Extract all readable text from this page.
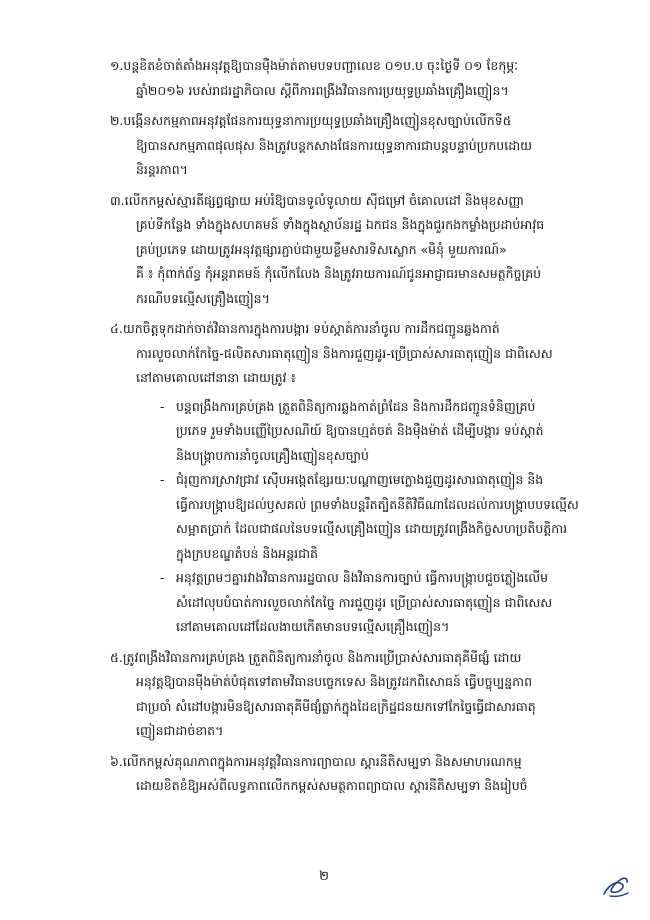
១.បន្តខិតខំចាត់តាំងអនុវត្តឱ្យបានម៉ឺងម៉ាត់តាមបទបញ្ជាលេខ ០១ប.ប ចុះថ្ងៃទី ០១ ខែកុម្ភៈ
ឆ្នាំ២០១៦ របស់រាជរដ្ឋាភិបាល ស្តីពីការពង្រឹងវិធានការប្រយុទ្ធប្រឆាំងគ្រឿងញៀន។

២.បង្កើនសកម្មភាពអនុវត្តផែនការយុទ្ធនាការប្រយុទ្ធប្រឆាំងគ្រឿងញៀនខុសច្បាប់លើកទី៥
ឱ្យបានសកម្មភាពផុលផុស និងត្រូវបន្តកសាងផែនការយុទ្ធនាការជាបន្តបន្ទាប់ប្រកបដោយ
និរន្តរភាព។

៣.លើកកម្ពស់ស្មារតីផ្សព្វផ្សាយ អប់រំឱ្យបានទូលំទូលាយ ស៊ីជម្រៅ ចំគោលដៅ និងមុខសញ្ញា
គ្រប់ទីកន្លែង ទាំងក្នុងសហគមន៍ ទាំងក្នុងស្ថាប័នរដ្ឋ ឯកជន និងក្នុងជួរកងកម្លាំងប្រដាប់អាវុធ
គ្រប់ប្រភេទ ដោយត្រូវអនុវត្តផ្សារភ្ជាប់ជាមួយខ្លឹមសារទិសស្លោក «មិនុំ មួយការណ៍»
គឺ ៖ កុំពាក់ព័ន្ធ កុំអន្តរាគមន៍ កុំលើកលែង និងត្រូវរាយការណ៍ជូនអាជ្ញាធរមានសមត្ថកិច្ចគ្រប់
ករណីបទល្មើសគ្រឿងញៀន។

៤.យកចិត្តទុកដាក់ចាត់វិធានការក្នុងការបង្ការ ទប់ស្កាត់ការនាំចូល ការដឹកជញ្ជូនឆ្លងកាត់
ការលួចលាក់កែច្នៃ-ផលិតសារធាតុញៀន និងការជួញដូរ-ប្រើប្រាស់សារធាតុញៀន ជាពិសេស
នៅតាមគោលដៅនានា ដោយត្រូវ ៖

- បន្តពង្រឹងការគ្រប់គ្រង ត្រួតពិនិត្យការឆ្លងកាត់ព្រំដែន និងការដឹកជញ្ជូនទំនិញគ្រប់
ប្រភេទ រួមទាំងបញ្ញើប្រៃសណីយ៍ ឱ្យបានហ្មត់ចត់ និងម៉ឺងម៉ាត់ ដើម្បីបង្ការ ទប់ស្កាត់
និងបង្ក្រាបការនាំចូលគ្រឿងញៀនខុសច្បាប់
- ជំរុញការស្រាវជ្រាវ ស៊ើបអង្កេតខ្សែរយៈបណ្តាញមេក្លោងជួញដូរសារធាតុញៀន និង
ធ្វើការបង្ក្រាបឱ្យដល់ឫសគល់ ព្រមទាំងបន្តរឹតត្បិតនីតិវិធីណាដែលដល់ការបង្ក្រាបបទល្មើស
សម្អាតប្រាក់ ដែលជាផលនៃបទល្មើសគ្រឿងញៀន ដោយត្រូវពង្រឹងកិច្ចសហប្រតិបត្តិការ
ក្នុងក្របខណ្ឌតំបន់ និងអន្តរជាតិ
- អនុវត្តព្រមៗគ្នារវាងវិធានការរដ្ឋបាល និងវិធានការច្បាប់ ធ្វើការបង្ក្រាបជួចភ្លៀងលើម
សំដៅលុបបំបាត់ការលួចលាក់កែច្នៃ ការជួញដូរ ប្រើប្រាស់សារធាតុញៀន ជាពិសេស
នៅតាមគោលដៅដែលងាយកើតមានបទល្មើសគ្រឿងញៀន។

៥.ត្រូវពង្រឹងវិធានការគ្រប់គ្រង ត្រួតពិនិត្យការនាំចូល និងការប្រើប្រាស់សារធាតុគីមីផ្សំ ដោយ
អនុវត្តឱ្យបានម៉ឺងម៉ាត់បំផុតទៅតាមវិធានបច្ចេកទេស និងត្រូវដកពិសោធន៍ ធ្វើបច្ចុប្បន្នភាព
ជាប្រចាំ សំដៅបង្ការមិនឱ្យសារធាតុគីមីផ្សំធ្លាក់ក្នុងដៃឧក្រិដ្ឋជនយកទៅកែច្នៃធ្វើជាសារធាតុ
ញៀនជាដាច់ខាត។

៦.លើកកម្ពស់គុណភាពក្នុងការអនុវត្តវិធានការព្យាបាល ស្តារនីតិសម្បទា និងសមាហរណកម្ម
ដោយខិតខំឱ្យអស់ពីលទ្ធភាពលើកកម្ពស់សមត្ថភាពព្យាបាល ស្តារនីតិសម្បទា និងរៀបចំ

២
